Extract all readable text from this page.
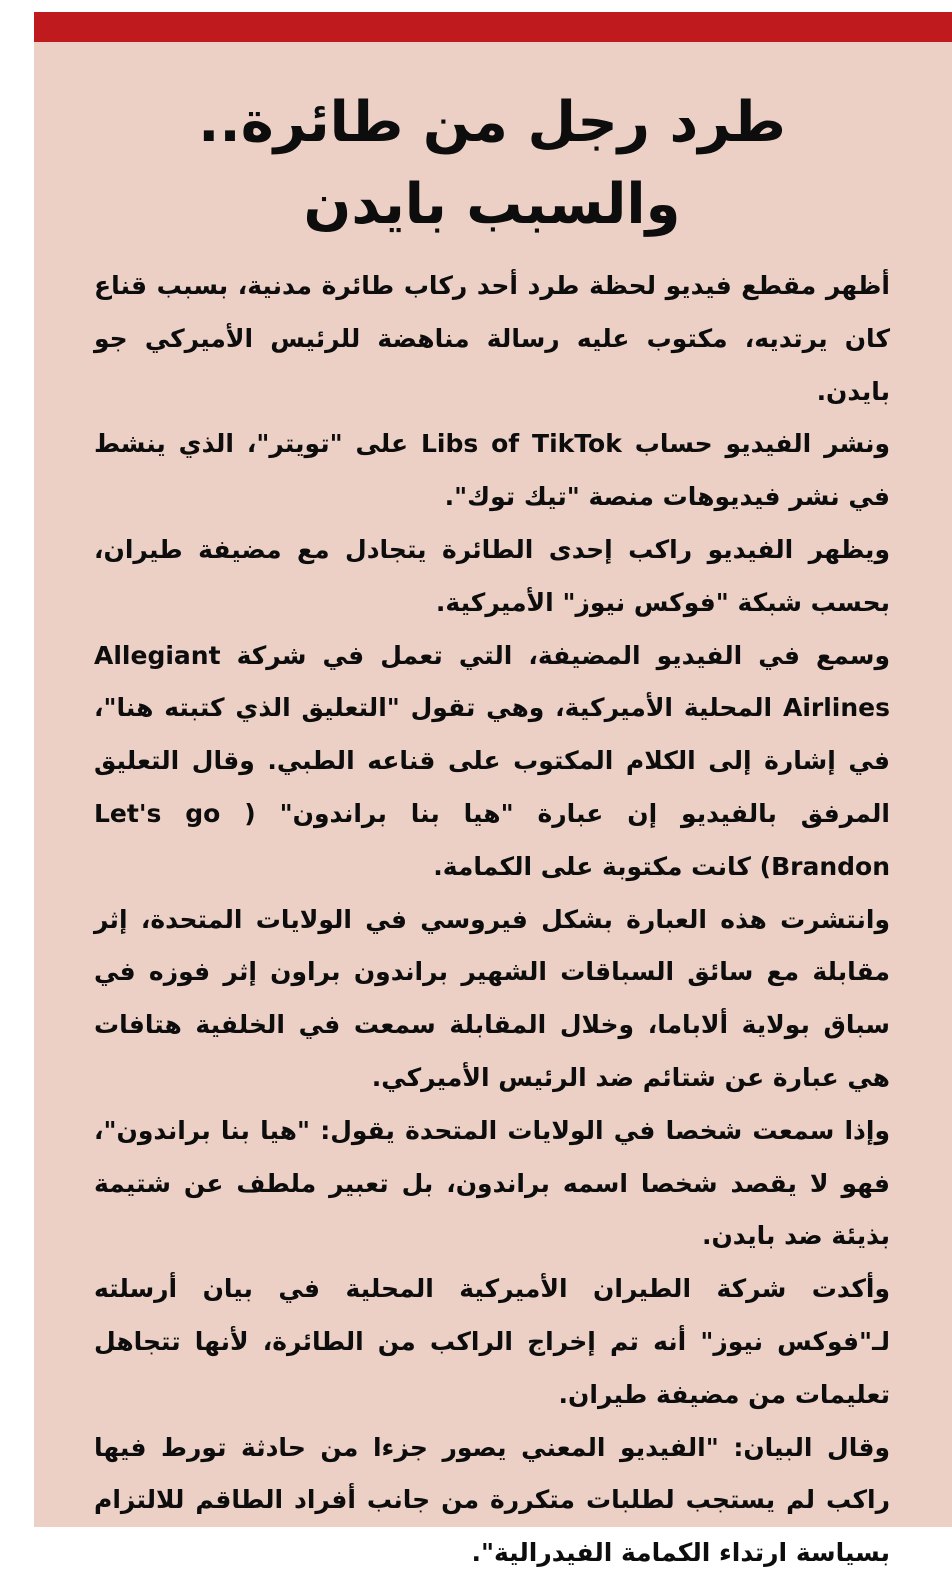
طرد رجل من طائرة.. والسبب بايدن

أظهر مقطع فيديو لحظة طرد أحد ركاب طائرة مدنية، بسبب قناع كان يرتديه، مكتوب عليه رسالة مناهضة للرئيس الأميركي جو بايدن.

ونشر الفيديو حساب Libs of TikTok على "تويتر"، الذي ينشط في نشر فيديوهات منصة "تيك توك".

ويظهر الفيديو راكب إحدى الطائرة يتجادل مع مضيفة طيران، بحسب شبكة "فوكس نيوز" الأميركية.

وسمع في الفيديو المضيفة، التي تعمل في شركة Allegiant Airlines المحلية الأميركية، وهي تقول "التعليق الذي كتبته هنا"، في إشارة إلى الكلام المكتوب على قناعه الطبي. وقال التعليق المرفق بالفيديو إن عبارة "هيا بنا براندون" ( Let's go Brandon) كانت مكتوبة على الكمامة.

وانتشرت هذه العبارة بشكل فيروسي في الولايات المتحدة، إثر مقابلة مع سائق السباقات الشهير براندون براون إثر فوزه في سباق بولاية ألاباما، وخلال المقابلة سمعت في الخلفية هتافات هي عبارة عن شتائم ضد الرئيس الأميركي.

وإذا سمعت شخصا في الولايات المتحدة يقول: "هيا بنا براندون"، فهو لا يقصد شخصا اسمه براندون، بل تعبير ملطف عن شتيمة بذيئة ضد بايدن.

وأكدت شركة الطيران الأميركية المحلية في بيان أرسلته لـ"فوكس نيوز" أنه تم إخراج الراكب من الطائرة، لأنها تتجاهل تعليمات من مضيفة طيران.

وقال البيان: "الفيديو المعني يصور جزءا من حادثة تورط فيها راكب لم يستجب لطلبات متكررة من جانب أفراد الطاقم للالتزام بسياسة ارتداء الكمامة الفيدرالية".
